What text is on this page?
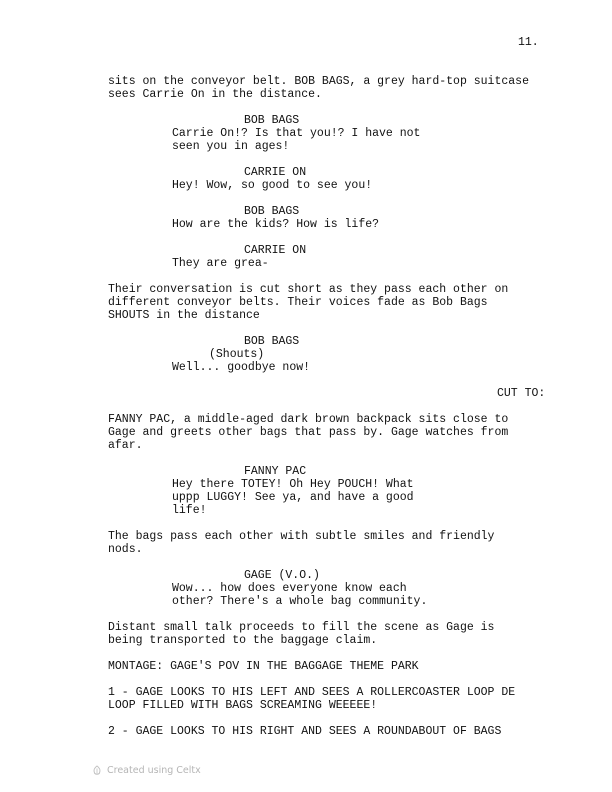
11.
sits on the conveyor belt. BOB BAGS, a grey hard-top suitcase
sees Carrie On in the distance.
BOB BAGS
Carrie On!? Is that you!? I have not
seen you in ages!
CARRIE ON
Hey! Wow, so good to see you!
BOB BAGS
How are the kids? How is life?
CARRIE ON
They are grea-
Their conversation is cut short as they pass each other on
different conveyor belts. Their voices fade as Bob Bags
SHOUTS in the distance
BOB BAGS
(Shouts)
Well... goodbye now!
CUT TO:
FANNY PAC, a middle-aged dark brown backpack sits close to
Gage and greets other bags that pass by. Gage watches from
afar.
FANNY PAC
Hey there TOTEY! Oh Hey POUCH! What
uppp LUGGY! See ya, and have a good
life!
The bags pass each other with subtle smiles and friendly
nods.
GAGE (V.O.)
Wow... how does everyone know each
other? There's a whole bag community.
Distant small talk proceeds to fill the scene as Gage is
being transported to the baggage claim.
MONTAGE: GAGE'S POV IN THE BAGGAGE THEME PARK
1 - GAGE LOOKS TO HIS LEFT AND SEES A ROLLERCOASTER LOOP DE
LOOP FILLED WITH BAGS SCREAMING WEEEEE!
2 - GAGE LOOKS TO HIS RIGHT AND SEES A ROUNDABOUT OF BAGS
Created using Celtx
